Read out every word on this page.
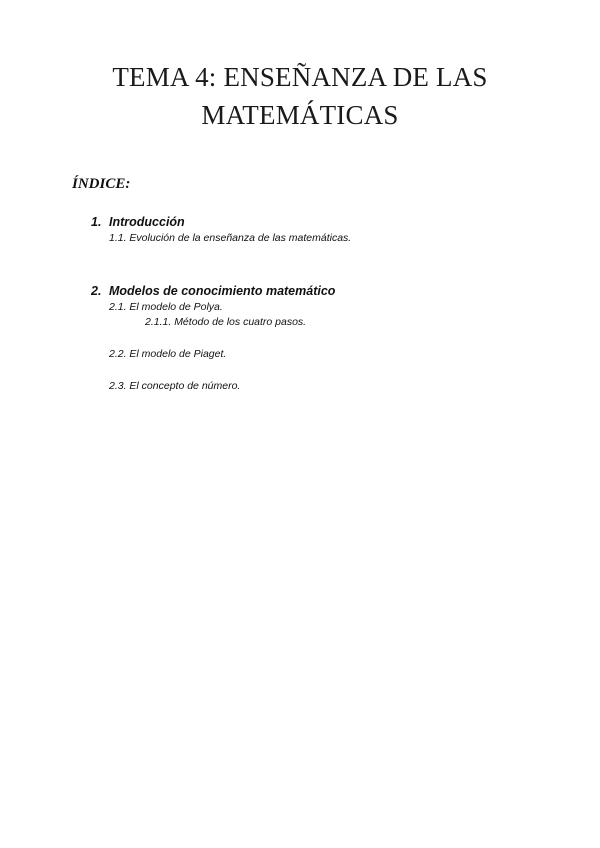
TEMA 4: ENSEÑANZA DE LAS
MATEMÁTICAS

ÍNDICE:

1. Introducción

1.1. Evolución de la enseñanza de las matemáticas.

2. Modelos de conocimiento matemático

2.1. El modelo de Polya.

2.1.1. Método de los cuatro pasos.

2.2. El modelo de Piaget.

2.3. El concepto de número.
